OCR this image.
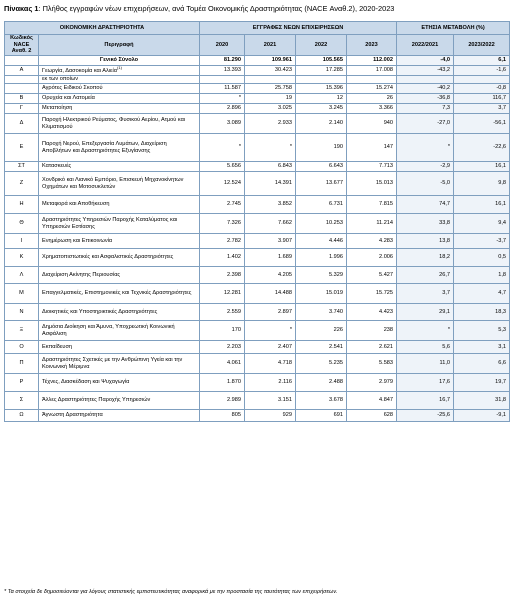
Πίνακας 1: Πλήθος εγγραφών νέων επιχειρήσεων, ανά Τομέα Οικονομικής Δραστηριότητας (NACE Αναθ.2), 2020-2023
ΟΙΚΟΝΟΜΙΚΗ ΔΡΑΣΤΗΡΙΟΤΗΤΑ		ΕΓΓΡΑΦΕΣ ΝΕΩΝ ΕΠΙΧΕΙΡΗΣΕΩΝ				ΕΤΗΣΙΑ ΜΕΤΑΒΟΛΗ (%)	
Κωδικός NACE Αναθ. 2	Περιγραφή	2020	2021	2022	2023	2022/2021	2023/2022
	Γενικό Σύνολο	81.290	109.961	105.565	112.002	-4,0	6,1
Α	Γεωργία, Δασοκομία και Αλιεία$^{(1)}$	13.393	30.423	17.285	17.008	-43,2	-1,6
	εκ των οποίων						
	Αγρότες Ειδικού Σκοπού	11.587	25.758	15.396	15.274	-40,2	-0,8
Β	Ορυχεία και Λατομεία	*	19	12	26	-36,8	116,7
Γ	Μεταποίηση	2.896	3.025	3.245	3.366	7,3	3,7
Δ	Παροχή Ηλεκτρικού Ρεύματος, Φυσικού Αερίου, Ατμού και Κλιματισμού	3.089	2.933	2.140	940	-27,0	-56,1
Ε	Παροχή Νερού, Επεξεργασία Λυμάτων, Διαχείριση Αποβλήτων και Δραστηριότητες Εξυγίανσης	*	*	190	147	*	-22,6
ΣΤ	Κατασκευές	5.656	6.843	6.643	7.713	-2,9	16,1
Ζ	Χονδρικό και Λιανικό Εμπόριο, Επισκευή Μηχανοκίνητων Οχημάτων και Μοτοσυκλετών	12.524	14.391	13.677	15.013	-5,0	9,8
Η	Μεταφορά και Αποθήκευση	2.745	3.852	6.731	7.815	74,7	16,1
Θ	Δραστηριότητες Υπηρεσιών Παροχής Καταλύματος και Υπηρεσιών Εστίασης	7.326	7.662	10.253	11.214	33,8	9,4
Ι	Ενημέρωση και Επικοινωνία	2.782	3.907	4.446	4.283	13,8	-3,7
Κ	Χρηματοπιστωτικές και Ασφαλιστικές Δραστηριότητες	1.402	1.689	1.996	2.006	18,2	0,5
Λ	Διαχείριση Ακίνητης Περιουσίας	2.398	4.205	5.329	5.427	26,7	1,8
Μ	Επαγγελματικές, Επιστημονικές και Τεχνικές Δραστηριότητες	12.281	14.488	15.019	15.725	3,7	4,7
Ν	Διοικητικές και Υποστηρικτικές Δραστηριότητες	2.559	2.897	3.740	4.423	29,1	18,3
Ξ	Δημόσια Διοίκηση και Άμυνα, Υποχρεωτική Κοινωνική Ασφάλιση	170	*	226	238	*	5,3
Ο	Εκπαίδευση	2.203	2.407	2.541	2.621	5,6	3,1
Π	Δραστηριότητες Σχετικές με την Ανθρώπινη Υγεία και την Κοινωνική Μέριμνα	4.061	4.718	5.235	5.583	11,0	6,6
Ρ	Τέχνες, Διασκέδαση και Ψυχαγωγία	1.870	2.116	2.488	2.979	17,6	19,7
Σ	Άλλες Δραστηριότητες Παροχής Υπηρεσιών	2.989	3.151	3.678	4.847	16,7	31,8
Ω	Άγνωστη Δραστηριότητα	805	929	691	628	-25,6	-9,1
* Τα στοιχεία δε δημοσιεύονται για λόγους στατιστικής εμπιστευτικότητας αναφορικά με την προστασία της ταυτότητας των επιχειρήσεων.
